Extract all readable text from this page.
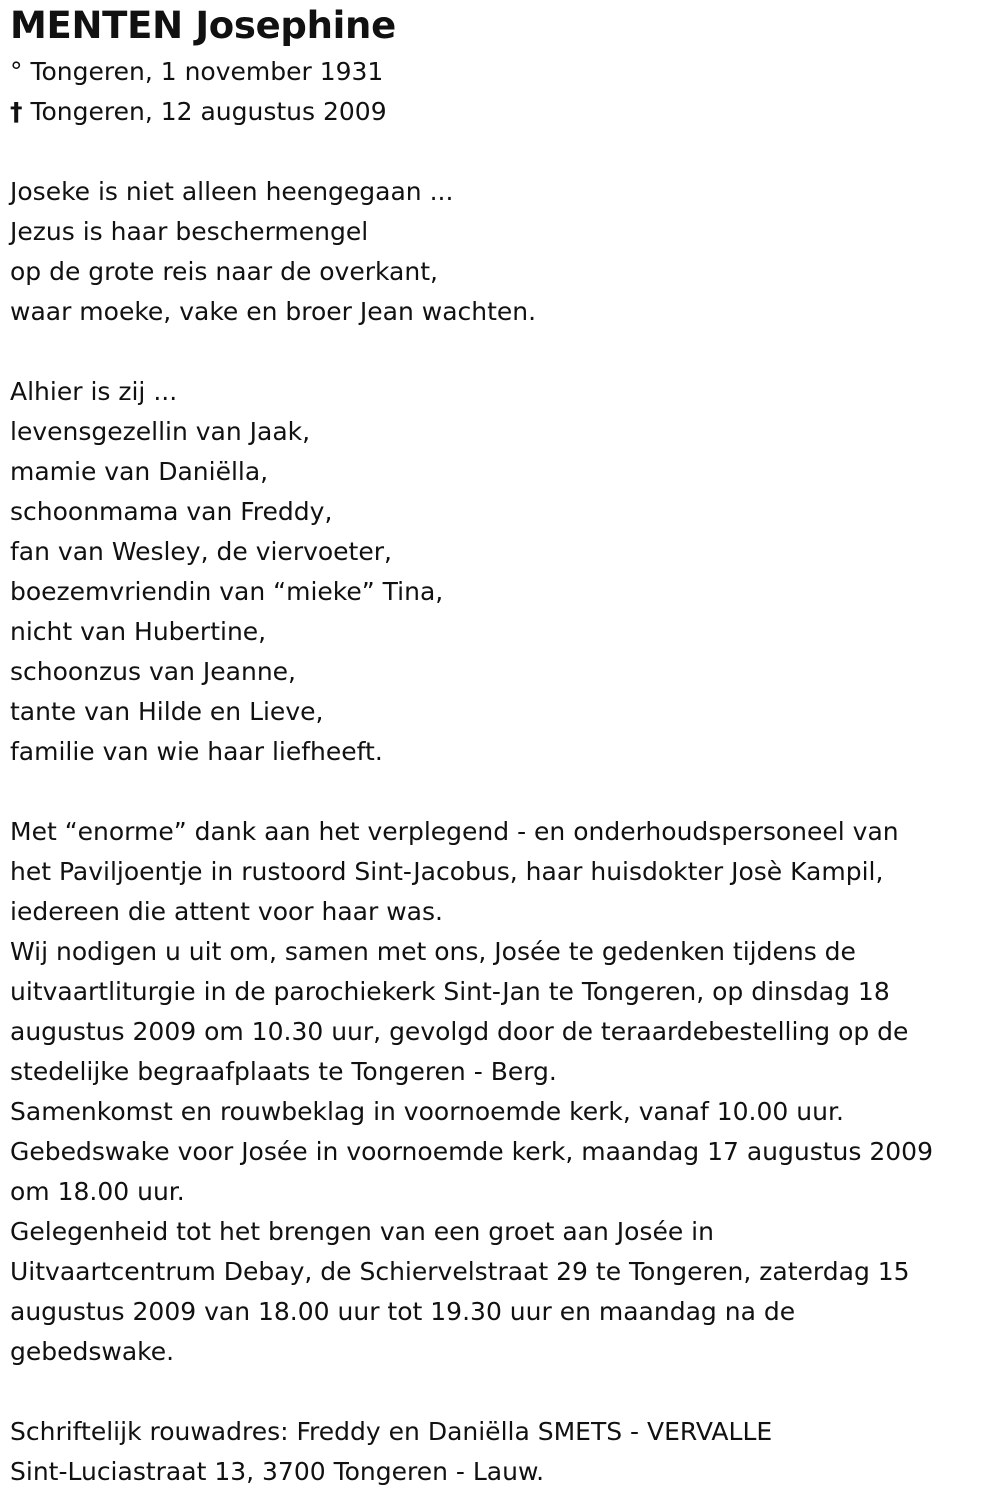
MENTEN Josephine
° Tongeren, 1 november 1931
† Tongeren, 12 augustus 2009
Joseke is niet alleen heengegaan ...
Jezus is haar beschermengel
op de grote reis naar de overkant,
waar moeke, vake en broer Jean wachten.
Alhier is zij ...
levensgezellin van Jaak,
mamie van Daniëlla,
schoonmama van Freddy,
fan van Wesley, de viervoeter,
boezemvriendin van “mieke” Tina,
nicht van Hubertine,
schoonzus van Jeanne,
tante van Hilde en Lieve,
familie van wie haar liefheeft.
Met “enorme” dank aan het verplegend - en onderhoudspersoneel van
het Paviljoentje in rustoord Sint-Jacobus, haar huisdokter Josè Kampil,
iedereen die attent voor haar was.
Wij nodigen u uit om, samen met ons, Josée te gedenken tijdens de
uitvaartliturgie in de parochiekerk Sint-Jan te Tongeren, op dinsdag 18
augustus 2009 om 10.30 uur, gevolgd door de teraardebestelling op de
stedelijke begraafplaats te Tongeren - Berg.
Samenkomst en rouwbeklag in voornoemde kerk, vanaf 10.00 uur.
Gebedswake voor Josée in voornoemde kerk, maandag 17 augustus 2009
om 18.00 uur.
Gelegenheid tot het brengen van een groet aan Josée in
Uitvaartcentrum Debay, de Schiervelstraat 29 te Tongeren, zaterdag 15
augustus 2009 van 18.00 uur tot 19.30 uur en maandag na de
gebedswake.
Schriftelijk rouwadres: Freddy en Daniëlla SMETS - VERVALLE
Sint-Luciastraat 13, 3700 Tongeren - Lauw.
